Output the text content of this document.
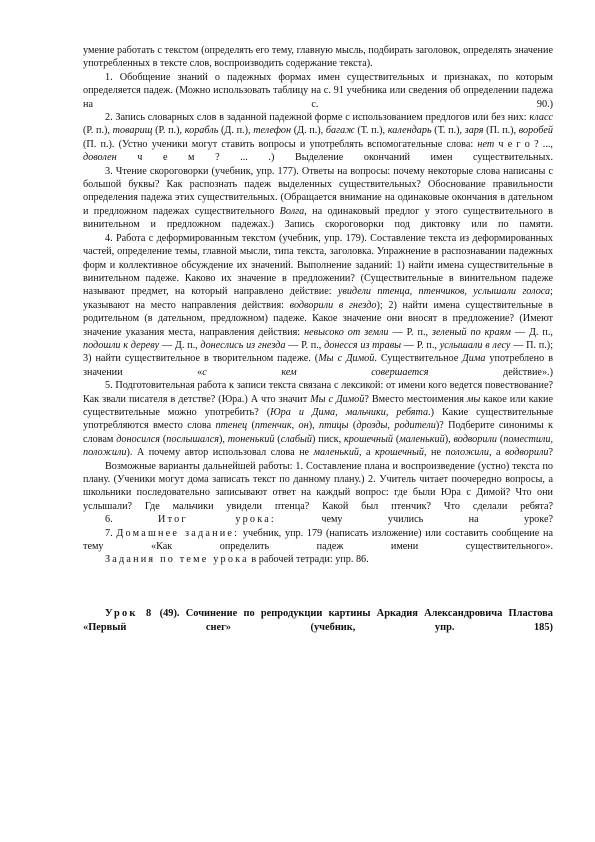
умение работать с текстом (определять его тему, главную мысль, подбирать заголовок, определять значение употребленных в тексте слов, воспроизводить содержание текста).

1. Обобщение знаний о падежных формах имен существительных и признаках, по которым определяется падеж. (Можно использовать таблицу на с. 91 учебника или сведения об определении падежа на с. 90.)

2. Запись словарных слов в заданной падежной форме с использованием предлогов или без них: класс (Р. п.), товарищ (Р. п.), корабль (Д. п.), телефон (Д. п.), багаж (Т. п.), календарь (Т. п.), заря (П. п.), воробей (П. п.). (Устно ученики могут ставить вопросы и употреблять вспомогательные слова: нет ч е г о ? ..., доволен ч е м ? ... .) Выделение окончаний имен существительных.

3. Чтение скороговорки (учебник, упр. 177). Ответы на вопросы: почему некоторые слова написаны с большой буквы? Как распознать падеж выделенных существительных? Обоснование правильности определения падежа этих существительных. (Обращается внимание на одинаковые окончания в дательном и предложном падежах существительного Волга, на одинаковый предлог у этого существительного в винительном и предложном падежах.) Запись скороговорки под диктовку или по памяти.

4. Работа с деформированным текстом (учебник, упр. 179). Составление текста из деформированных частей, определение темы, главной мысли, типа текста, заголовка. Упражнение в распознавании падежных форм и коллективное обсуждение их значений. Выполнение заданий: 1) найти имена существительные в винительном падеже. Каково их значение в предложении? (Существительные в винительном падеже называют предмет, на который направлено действие: увидели птенца, птенчиков, услышали голоса; указывают на место направления действия: водворили в гнездо); 2) найти имена существительные в родительном (в дательном, предложном) падеже. Какое значение они вносят в предложение? (Имеют значение указания места, направления действия: невысоко от земли — Р. п., зеленый по краям — Д. п., подошли к дереву — Д. п., донеслись из гнезда — Р. п., донесся из травы — Р. п., услышали в лесу — П. п.); 3) найти существительное в творительном падеже. (Мы с Димой. Существительное Дима употреблено в значении «с кем совершается действие».)

5. Подготовительная работа к записи текста связана с лексикой: от имени кого ведется повествование? Как звали писателя в детстве? (Юра.) А что значит Мы с Димой? Вместо местоимения мы какое или какие существительные можно употребить? (Юра и Дима, мальчики, ребята.) Какие существительные употребляются вместо слова птенец (птенчик, он), птицы (дрозды, родители)? Подберите синонимы к словам доносился (послышался), тоненький (слабый) писк, крошечный (маленький), водворили (поместили, положили). А почему автор использовал слова не маленький, а крошечный, не положили, а водворили?

Возможные варианты дальнейшей работы: 1. Составление плана и воспроизведение (устно) текста по плану. (Ученики могут дома записать текст по данному плану.) 2. Учитель читает поочередно вопросы, а школьники последовательно записывают ответ на каждый вопрос: где были Юра с Димой? Что они услышали? Где мальчики увидели птенца? Какой был птенчик? Что сделали ребята?

6. Итог урока: чему учились на уроке?

7. Домашнее задание: учебник, упр. 179 (написать изложение) или составить сообщение на тему «Как определить падеж имени существительного».

Задания по теме урока в рабочей тетради: упр. 86.

Урок 8 (49). Сочинение по репродукции картины Аркадия Александровича Пластова «Первый снег» (учебник, упр. 185)
